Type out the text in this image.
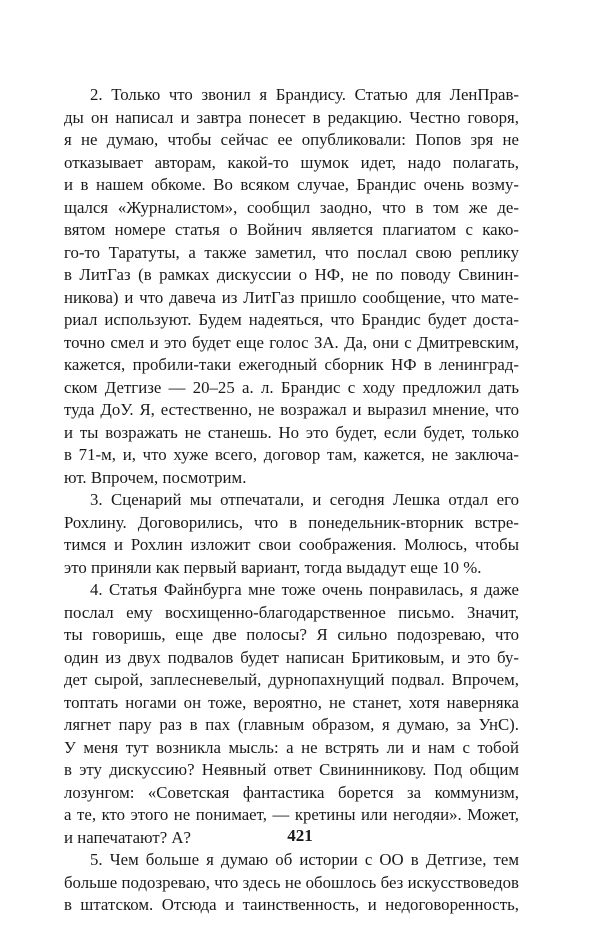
2. Только что звонил я Брандису. Статью для ЛенПрав-
ды он написал и завтра понесет в редакцию. Честно говоря,
я не думаю, чтобы сейчас ее опубликовали: Попов зря не
отказывает авторам, какой-то шумок идет, надо полагать,
и в нашем обкоме. Во всяком случае, Брандис очень возму-
щался «Журналистом», сообщил заодно, что в том же де-
вятом номере статья о Войнич является плагиатом с како-
го-то Таратуты, а также заметил, что послал свою реплику
в ЛитГаз (в рамках дискуссии о НФ, не по поводу Свинин-
никова) и что давеча из ЛитГаз пришло сообщение, что мате-
риал используют. Будем надеяться, что Брандис будет доста-
точно смел и это будет еще голос ЗА. Да, они с Дмитревским,
кажется, пробили-таки ежегодный сборник НФ в ленинград-
ском Детгизе — 20–25 а. л. Брандис с ходу предложил дать
туда ДоУ. Я, естественно, не возражал и выразил мнение, что
и ты возражать не станешь. Но это будет, если будет, только
в 71-м, и, что хуже всего, договор там, кажется, не заключа-
ют. Впрочем, посмотрим.
3. Сценарий мы отпечатали, и сегодня Лешка отдал его
Рохлину. Договорились, что в понедельник-вторник встре-
тимся и Рохлин изложит свои соображения. Молюсь, чтобы
это приняли как первый вариант, тогда выдадут еще 10 %.
4. Статья Файнбурга мне тоже очень понравилась, я даже
послал ему восхищенно-благодарственное письмо. Значит,
ты говоришь, еще две полосы? Я сильно подозреваю, что
один из двух подвалов будет написан Бритиковым, и это бу-
дет сырой, заплесневелый, дурнопахнущий подвал. Впрочем,
топтать ногами он тоже, вероятно, не станет, хотя наверняка
лягнет пару раз в пах (главным образом, я думаю, за УнС).
У меня тут возникла мысль: а не встрять ли и нам с тобой
в эту дискуссию? Неявный ответ Свининникову. Под общим
лозунгом: «Советская фантастика борется за коммунизм,
а те, кто этого не понимает, — кретины или негодяи». Может,
и напечатают? А?
5. Чем больше я думаю об истории с ОО в Детгизе, тем
больше подозреваю, что здесь не обошлось без искусствоведов
в штатском. Отсюда и таинственность, и недоговоренность,
421
